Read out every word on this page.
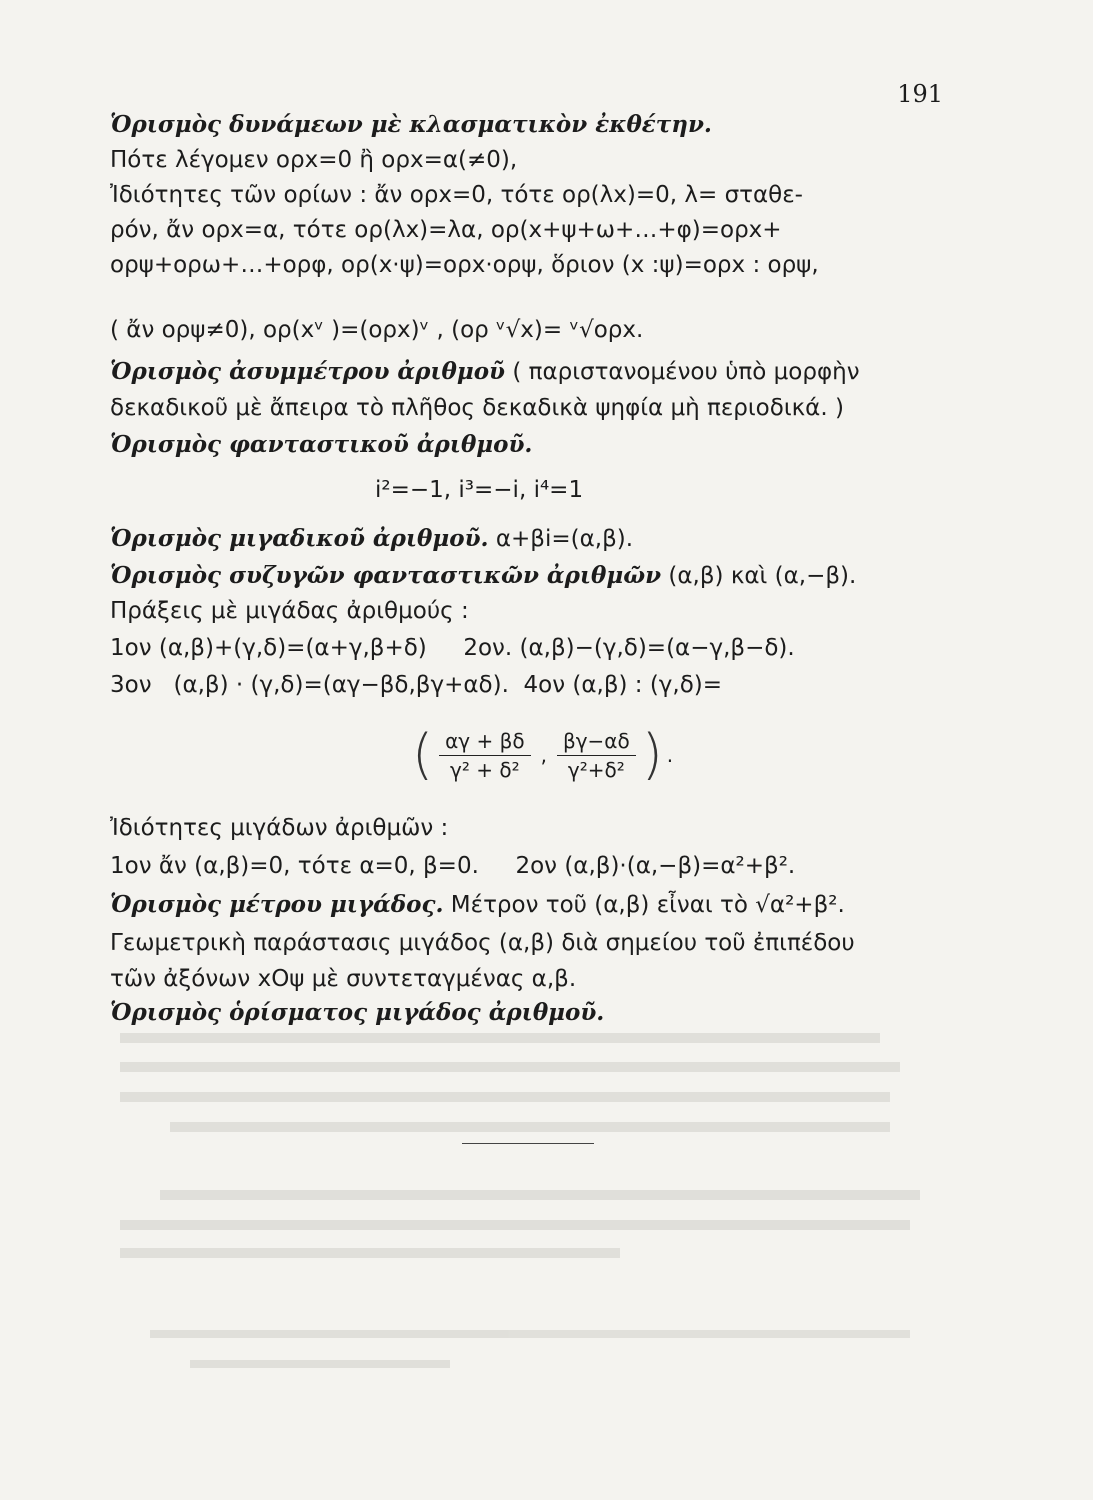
191
Ὁρισμὸς δυνάμεων μὲ κλασματικὸν ἐκθέτην.
Πότε λέγομεν ορx=0 ἢ ορx=α(≠0),
Ἰδιότητες τῶν ορίων : ἄν ορx=0, τότε ορ(λx)=0, λ= σταθε-
ρόν, ἄν ορx=α, τότε ορ(λx)=λα, ορ(x+ψ+ω+…+φ)=ορx+
ορψ+ορω+…+ορφ, ορ(x·ψ)=ορx·ορψ, ὅριον (x :ψ)=ορx : ορψ,
( ἄν ορψ≠0), ορ(xᵛ )=(ορx)ᵛ , (ορ ᵛ√x)= ᵛ√ορx.
Ὁρισμὸς ἀσυμμέτρου ἀριθμοῦ ( παριστανομένου ὑπὸ μορφὴν
δεκαδικοῦ μὲ ἄπειρα τὸ πλῆθος δεκαδικὰ ψηφία μὴ περιοδικά. )
Ὁρισμὸς φανταστικοῦ ἀριθμοῦ.
i²=−1, i³=−i, i⁴=1
Ὁρισμὸς μιγαδικοῦ ἀριθμοῦ. α+βi=(α,β).
Ὁρισμὸς συζυγῶν φανταστικῶν ἀριθμῶν (α,β) καὶ (α,−β).
Πράξεις μὲ μιγάδας ἀριθμούς :
1ον (α,β)+(γ,δ)=(α+γ,β+δ)     2ον. (α,β)−(γ,δ)=(α−γ,β−δ).
3ον   (α,β) · (γ,δ)=(αγ−βδ,βγ+αδ).  4ον (α,β) : (γ,δ)=
( $\frac{\alpha\gamma + \beta\delta}{\text{γ² + δ²}}$ , $\frac{\beta\gamma-\alpha\delta}{\text{γ²+δ²}}$ ) .
Ἰδιότητες μιγάδων ἀριθμῶν :
1ον ἄν (α,β)=0, τότε α=0, β=0.     2ον (α,β)·(α,−β)=α²+β².
Ὁρισμὸς μέτρου μιγάδος. Μέτρον τοῦ (α,β) εἶναι τὸ √α²+β².
Γεωμετρικὴ παράστασις μιγάδος (α,β) διὰ σημείου τοῦ ἐπιπέδου
τῶν ἀξόνων xOψ μὲ συντεταγμένας α,β.
Ὁρισμὸς ὁρίσματος μιγάδος ἀριθμοῦ.
